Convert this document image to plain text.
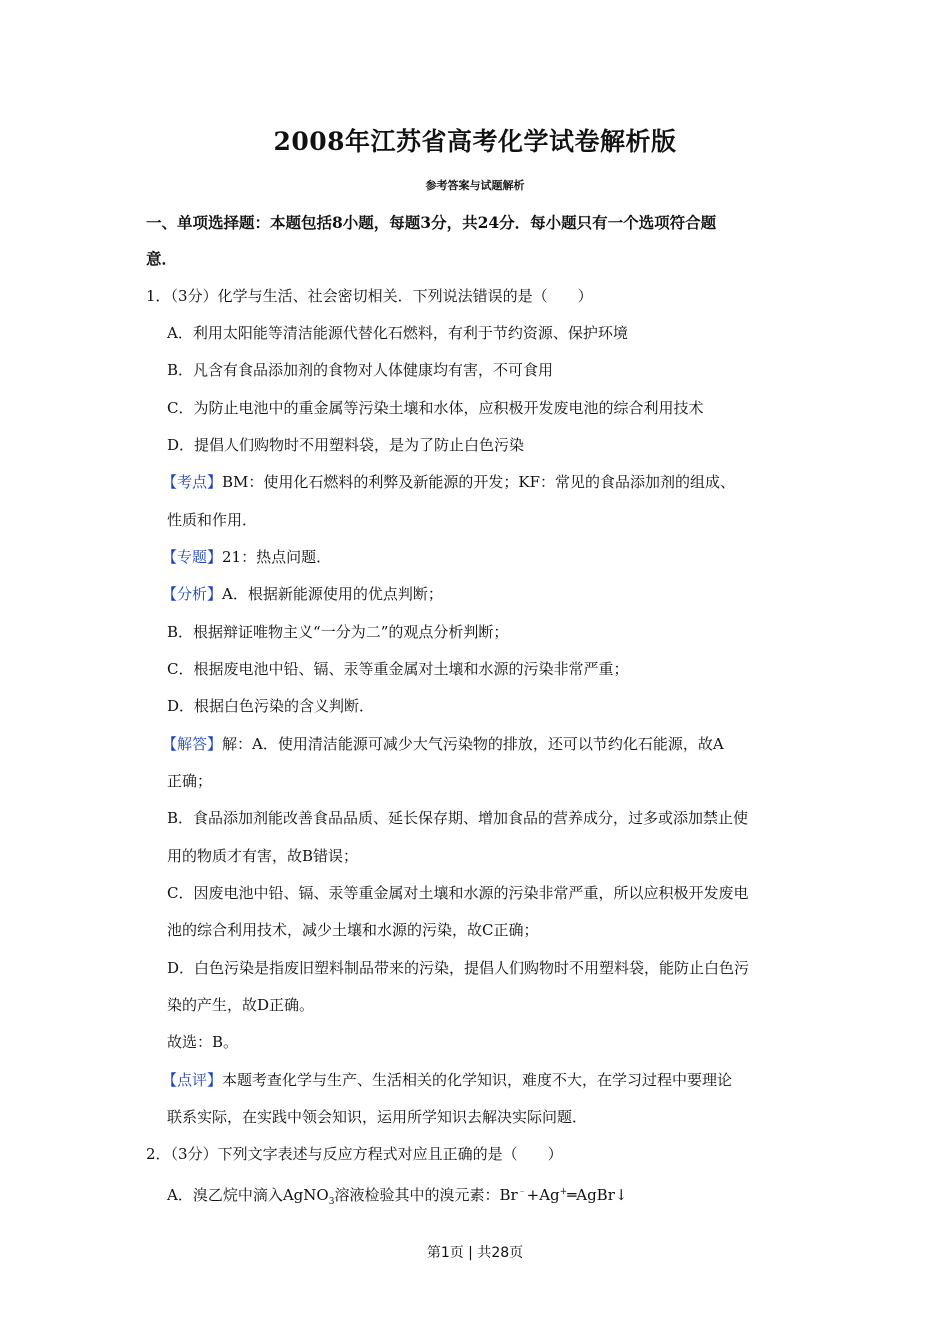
2008年江苏省高考化学试卷解析版
参考答案与试题解析
一、单项选择题：本题包括8小题，每题3分，共24分．每小题只有一个选项符合题
意．
1．（3分）化学与生活、社会密切相关．下列说法错误的是（　　）
A．利用太阳能等清洁能源代替化石燃料，有利于节约资源、保护环境
B．凡含有食品添加剂的食物对人体健康均有害，不可食用
C．为防止电池中的重金属等污染土壤和水体，应积极开发废电池的综合利用技术
D．提倡人们购物时不用塑料袋，是为了防止白色污染
【考点】BM：使用化石燃料的利弊及新能源的开发；KF：常见的食品添加剂的组成、
性质和作用．
【专题】21：热点问题．
【分析】A．根据新能源使用的优点判断；
B．根据辩证唯物主义“一分为二”的观点分析判断；
C．根据废电池中铅、镉、汞等重金属对土壤和水源的污染非常严重；
D．根据白色污染的含义判断．
【解答】解：A．使用清洁能源可减少大气污染物的排放，还可以节约化石能源，故A
正确；
B．食品添加剂能改善食品品质、延长保存期、增加食品的营养成分，过多或添加禁止使
用的物质才有害，故B错误；
C．因废电池中铅、镉、汞等重金属对土壤和水源的污染非常严重，所以应积极开发废电
池的综合利用技术，减少土壤和水源的污染，故C正确；
D．白色污染是指废旧塑料制品带来的污染，提倡人们购物时不用塑料袋，能防止白色污
染的产生，故D正确。
故选：B。
【点评】本题考查化学与生产、生活相关的化学知识，难度不大，在学习过程中要理论
联系实际，在实践中领会知识，运用所学知识去解决实际问题．
2．（3分）下列文字表述与反应方程式对应且正确的是（　　）
A．溴乙烷中滴入AgNO$_3$溶液检验其中的溴元素：Br﹣+Ag+═AgBr↓
第1页 | 共28页
